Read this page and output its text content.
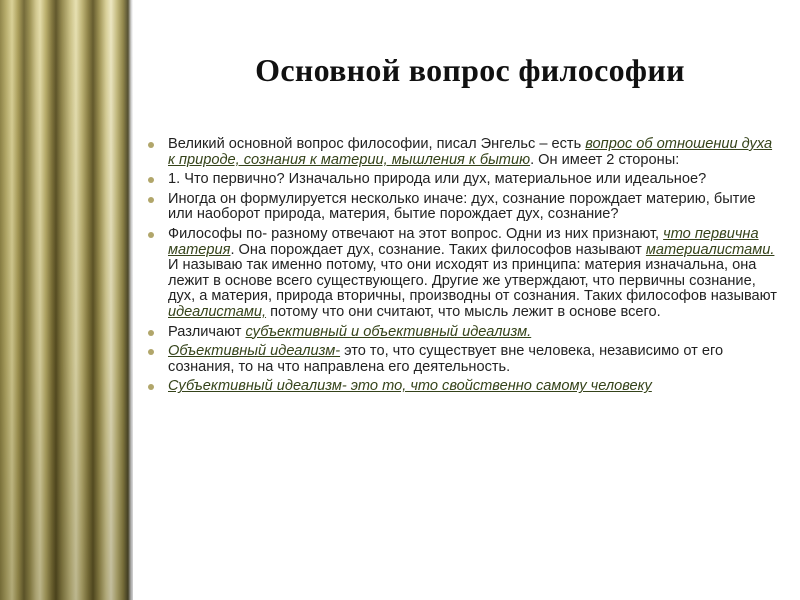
Основной вопрос философии
Великий основной вопрос философии, писал Энгельс – есть вопрос об отношении духа к природе, сознания к материи, мышления к бытию. Он имеет 2 стороны:
1. Что первично? Изначально природа или дух, материальное или идеальное?
Иногда он формулируется несколько иначе: дух, сознание порождает материю, бытие или наоборот природа, материя, бытие порождает дух, сознание?
Философы по- разному отвечают на этот вопрос. Одни из них признают, что первична материя. Она порождает дух, сознание. Таких философов называют материалистами. И называю так именно потому, что они исходят из принципа: материя изначальна, она лежит в основе всего существующего. Другие же утверждают, что первичны сознание, дух, а материя, природа вторичны, производны от сознания. Таких философов называют идеалистами, потому что они считают, что мысль лежит в основе всего.
Различают субъективный и объективный идеализм.
Объективный идеализм- это то, что существует вне человека, независимо от его сознания, то на что направлена его деятельность.
Субъективный идеализм- это то, что свойственно самому человеку
